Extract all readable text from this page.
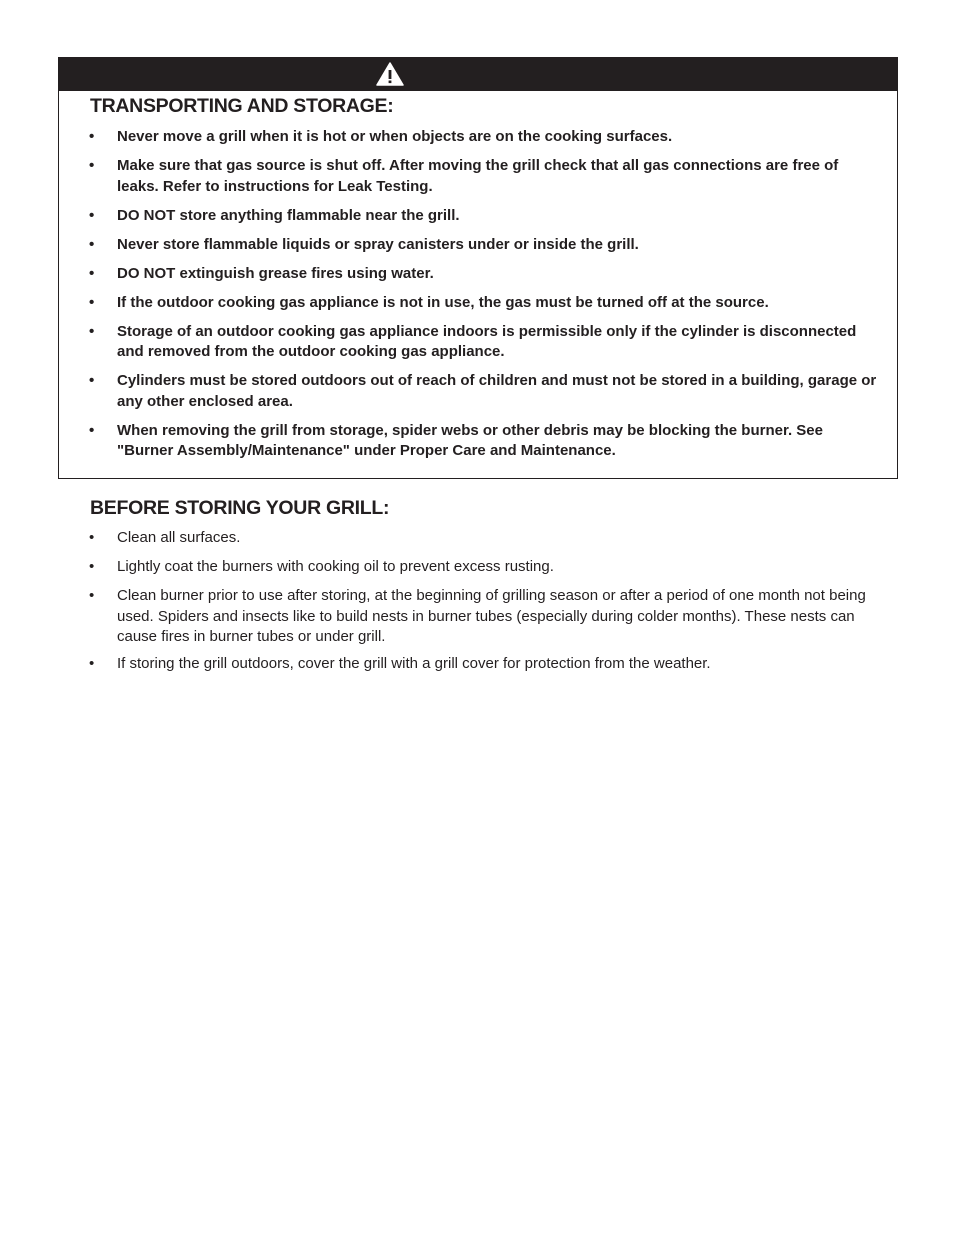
TRANSPORTING AND STORAGE:
• Never move a grill when it is hot or when objects are on the cooking surfaces.
• Make sure that gas source is shut off. After moving the grill check that all gas connections are free of leaks. Refer to instructions for Leak Testing.
• DO NOT store anything flammable near the grill.
• Never store flammable liquids or spray canisters under or inside the grill.
• DO NOT extinguish grease fires using water.
• If the outdoor cooking gas appliance is not in use, the gas must be turned off at the source.
• Storage of an outdoor cooking gas appliance indoors is permissible only if the cylinder is disconnected and removed from the outdoor cooking gas appliance.
• Cylinders must be stored outdoors out of reach of children and must not be stored in a building, garage or any other enclosed area.
• When removing the grill from storage, spider webs or other debris may be blocking the burner. See "Burner Assembly/Maintenance" under Proper Care and Maintenance.
BEFORE STORING YOUR GRILL:
• Clean all surfaces.
• Lightly coat the burners with cooking oil to prevent excess rusting.
• Clean burner prior to use after storing, at the beginning of grilling season or after a period of one month not being used. Spiders and insects like to build nests in burner tubes (especially during colder months). These nests can cause fires in burner tubes or under grill.
• If storing the grill outdoors, cover the grill with a grill cover for protection from the weather.
